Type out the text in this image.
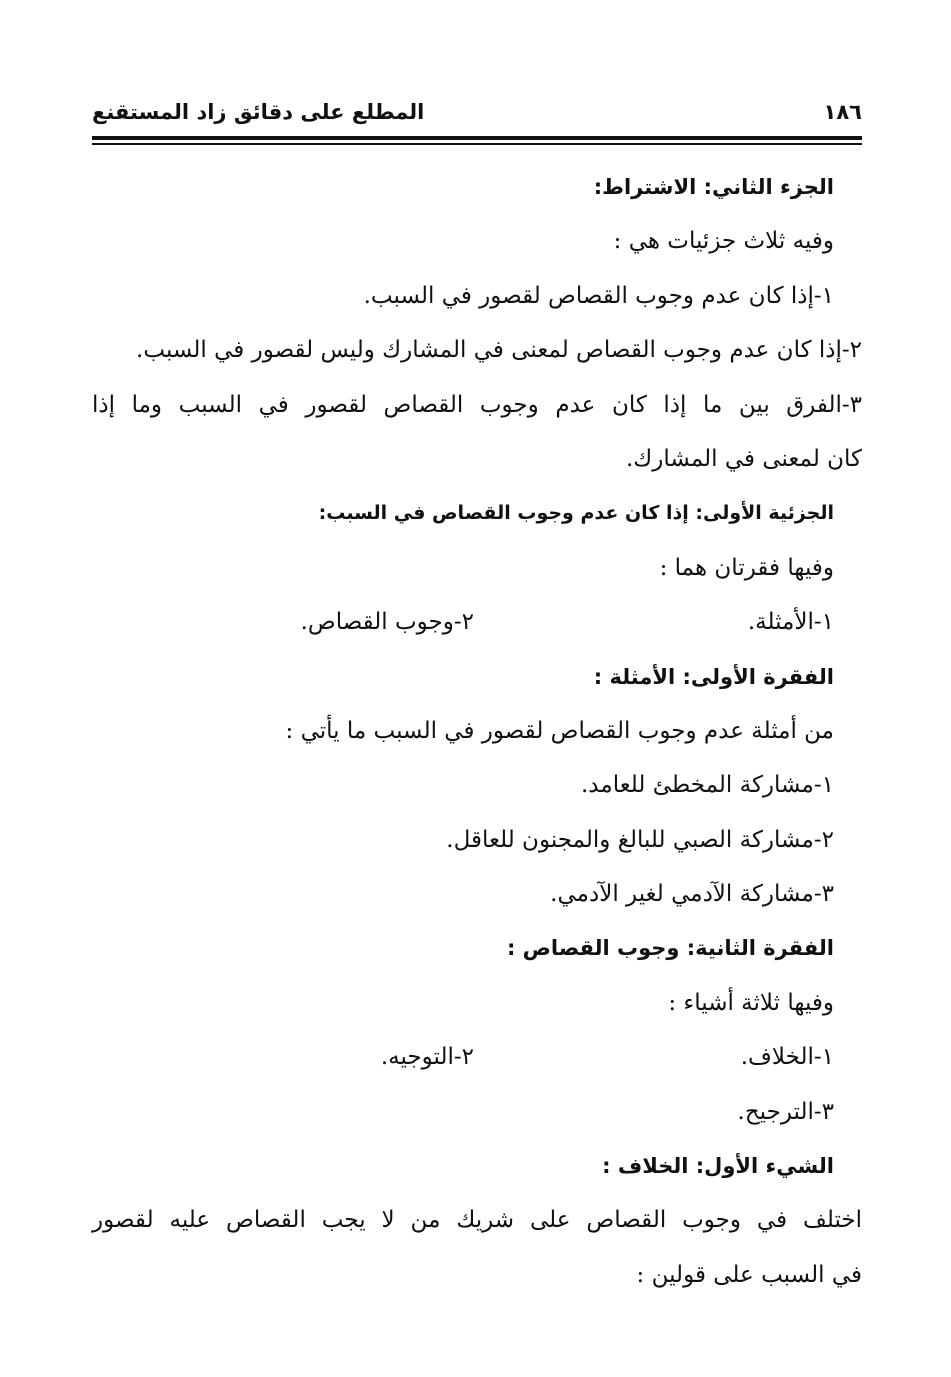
المطلع على دقائق زاد المستقنع	١٨٦
الجزء الثاني: الاشتراط:
وفيه ثلاث جزئيات هي :
١-إذا كان عدم وجوب القصاص لقصور في السبب.
٢-إذا كان عدم وجوب القصاص لمعنى في المشارك وليس لقصور في السبب.
٣-الفرق بين ما إذا كان عدم وجوب القصاص لقصور في السبب وما إذا
كان لمعنى في المشارك.
الجزئية الأولى: إذا كان عدم وجوب القصاص في السبب:
وفيها فقرتان هما :
١-الأمثلة.
٢-وجوب القصاص.
الفقرة الأولى: الأمثلة :
من أمثلة عدم وجوب القصاص لقصور في السبب ما يأتي :
١-مشاركة المخطئ للعامد.
٢-مشاركة الصبي للبالغ والمجنون للعاقل.
٣-مشاركة الآدمي لغير الآدمي.
الفقرة الثانية: وجوب القصاص :
وفيها ثلاثة أشياء :
١-الخلاف.
٢-التوجيه.
٣-الترجيح.
الشيء الأول: الخلاف :
اختلف في وجوب القصاص على شريك من لا يجب القصاص عليه لقصور
في السبب على قولين :
